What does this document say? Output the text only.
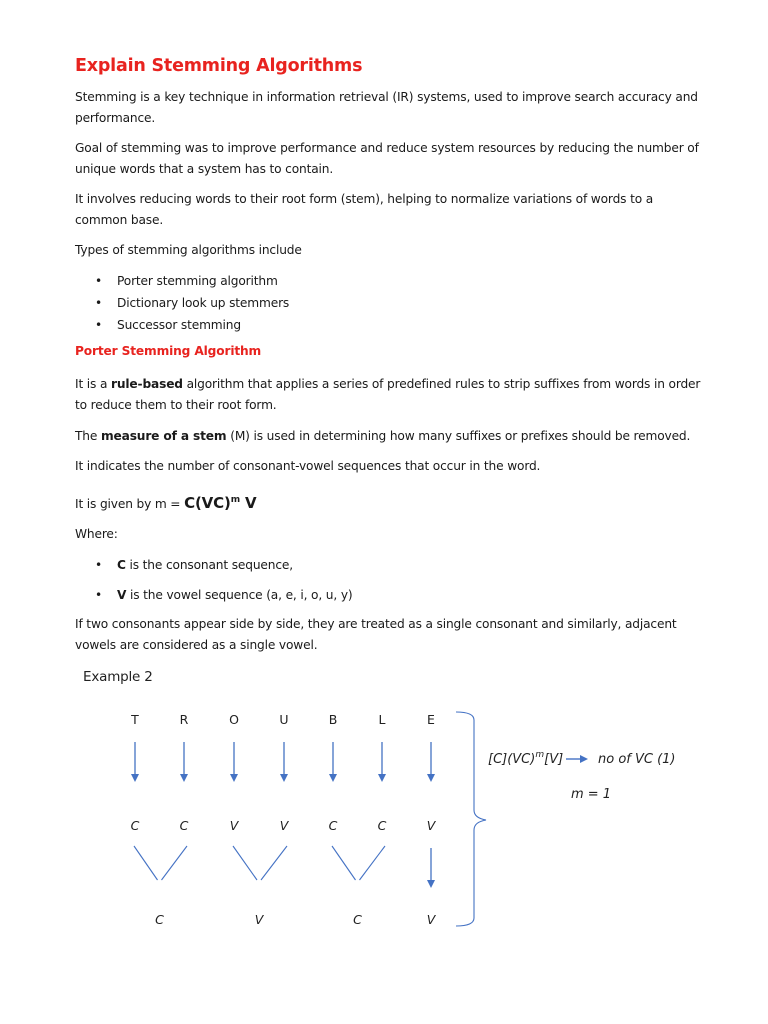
Explain Stemming Algorithms

Stemming is a key technique in information retrieval (IR) systems, used to improve search accuracy and performance.

Goal of stemming was to improve performance and reduce system resources by reducing the number of unique words that a system has to contain.

It involves reducing words to their root form (stem), helping to normalize variations of words to a common base.

Types of stemming algorithms include

• Porter stemming algorithm
• Dictionary look up stemmers
• Successor stemming
Porter Stemming Algorithm

It is a rule-based algorithm that applies a series of predefined rules to strip suffixes from words in order to reduce them to their root form.

The measure of a stem (M) is used in determining how many suffixes or prefixes should be removed.

It indicates the number of consonant-vowel sequences that occur in the word.

It is given by m = C(VC)$^m$ V

Where:

• C is the consonant sequence,
• V is the vowel sequence (a, e, i, o, u, y)

If two consonants appear side by side, they are treated as a single consonant and similarly, adjacent vowels are considered as a single vowel.

Example 2
T	R	O	U	B	L	E
C	C	V	V	C	C	V
C	V	C	V
[C](VC)$^m$[V]	no of VC (1)
m = 1
